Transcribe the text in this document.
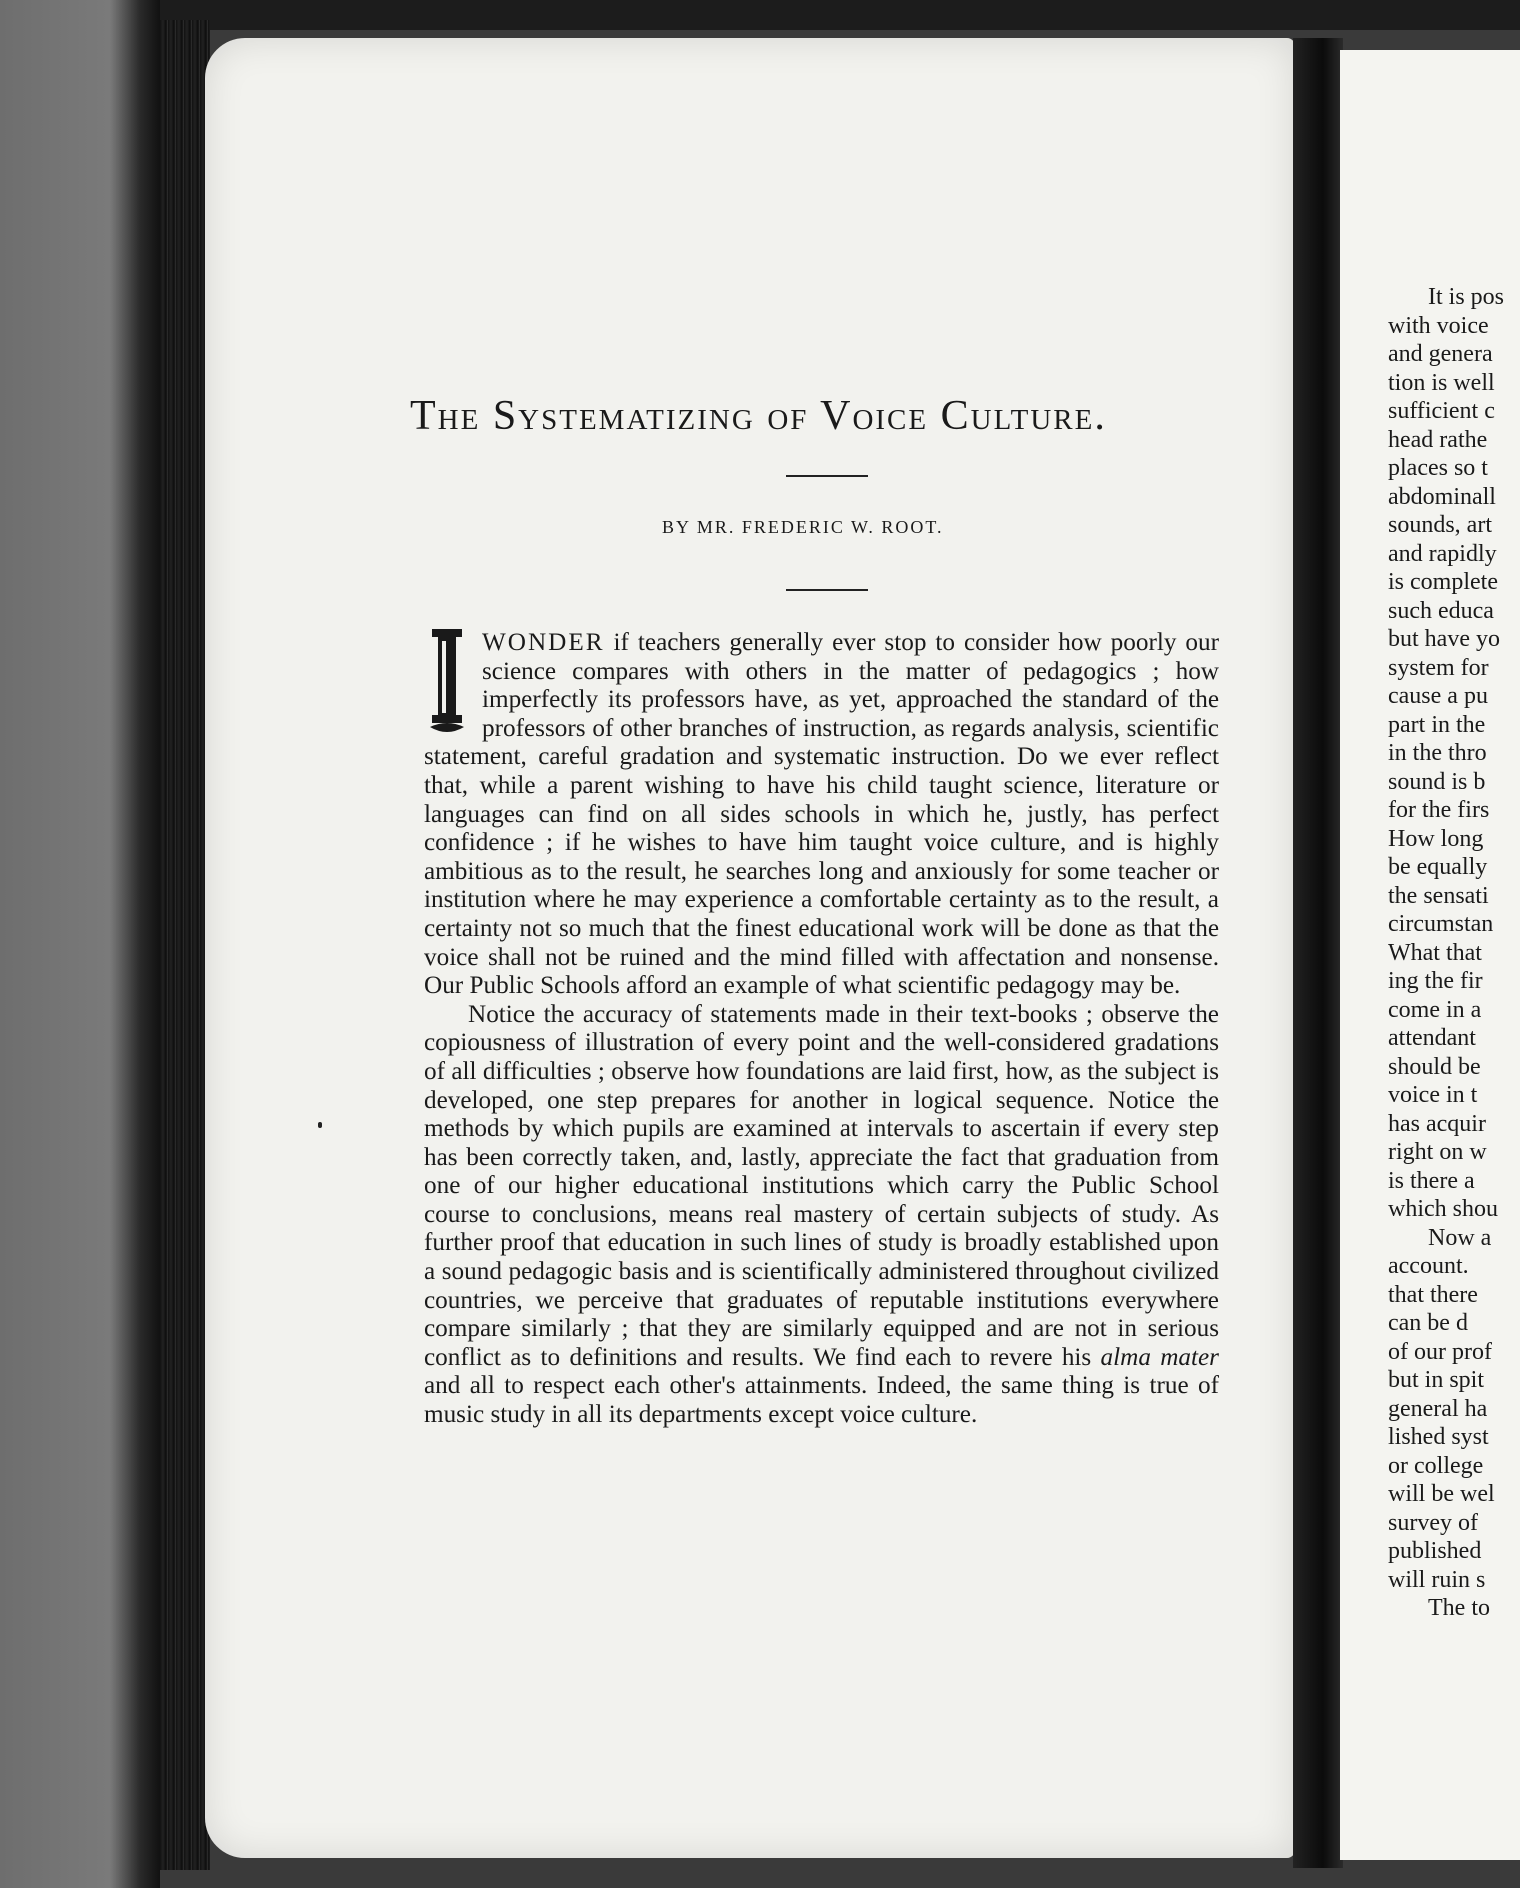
The Systematizing of Voice Culture.
BY MR. FREDERIC W. ROOT.

I
WONDER if teachers generally ever stop to consider how poorly our science compares with others in the matter of pedagogics ; how imperfectly its professors have, as yet, approached the standard of the professors of other branches of instruction, as regards analysis, scientific statement, careful gradation and systematic instruction. Do we ever reflect that, while a parent wishing to have his child taught science, literature or languages can find on all sides schools in which he, justly, has perfect confidence ; if he wishes to have him taught voice culture, and is highly ambitious as to the result, he searches long and anxiously for some teacher or institution where he may experience a comfortable certainty as to the result, a certainty not so much that the finest educational work will be done as that the voice shall not be ruined and the mind filled with affectation and nonsense. Our Public Schools afford an example of what scientific pedagogy may be.

Notice the accuracy of statements made in their text-books ; observe the copiousness of illustration of every point and the well-considered gradations of all difficulties ; observe how foundations are laid first, how, as the subject is developed, one step prepares for another in logical sequence. Notice the methods by which pupils are examined at intervals to ascertain if every step has been correctly taken, and, lastly, appreciate the fact that graduation from one of our higher educational institutions which carry the Public School course to conclusions, means real mastery of certain subjects of study. As further proof that education in such lines of study is broadly established upon a sound pedagogic basis and is scientifically administered throughout civilized countries, we perceive that graduates of reputable institutions everywhere compare similarly ; that they are similarly equipped and are not in serious conflict as to definitions and results. We find each to revere his alma mater and all to respect each other's attainments. Indeed, the same thing is true of music study in all its departments except voice culture.

It is pos
with voice
and genera
tion is well
sufficient c
head rathe
places so t
abdominall
sounds, art
and rapidly
is complete
such educa
but have yo
system for
cause a pu
part in the
in the thro
sound is b
for the firs
How long
be equally
the sensati
circumstan
What that
ing the fir
come in a
attendant
should be
voice in t
has acquir
right on w
is there a
which shou
Now a
account.
that there
can be d
of our prof
but in spit
general ha
lished syst
or college
will be wel
survey of
published
will ruin s
The to
